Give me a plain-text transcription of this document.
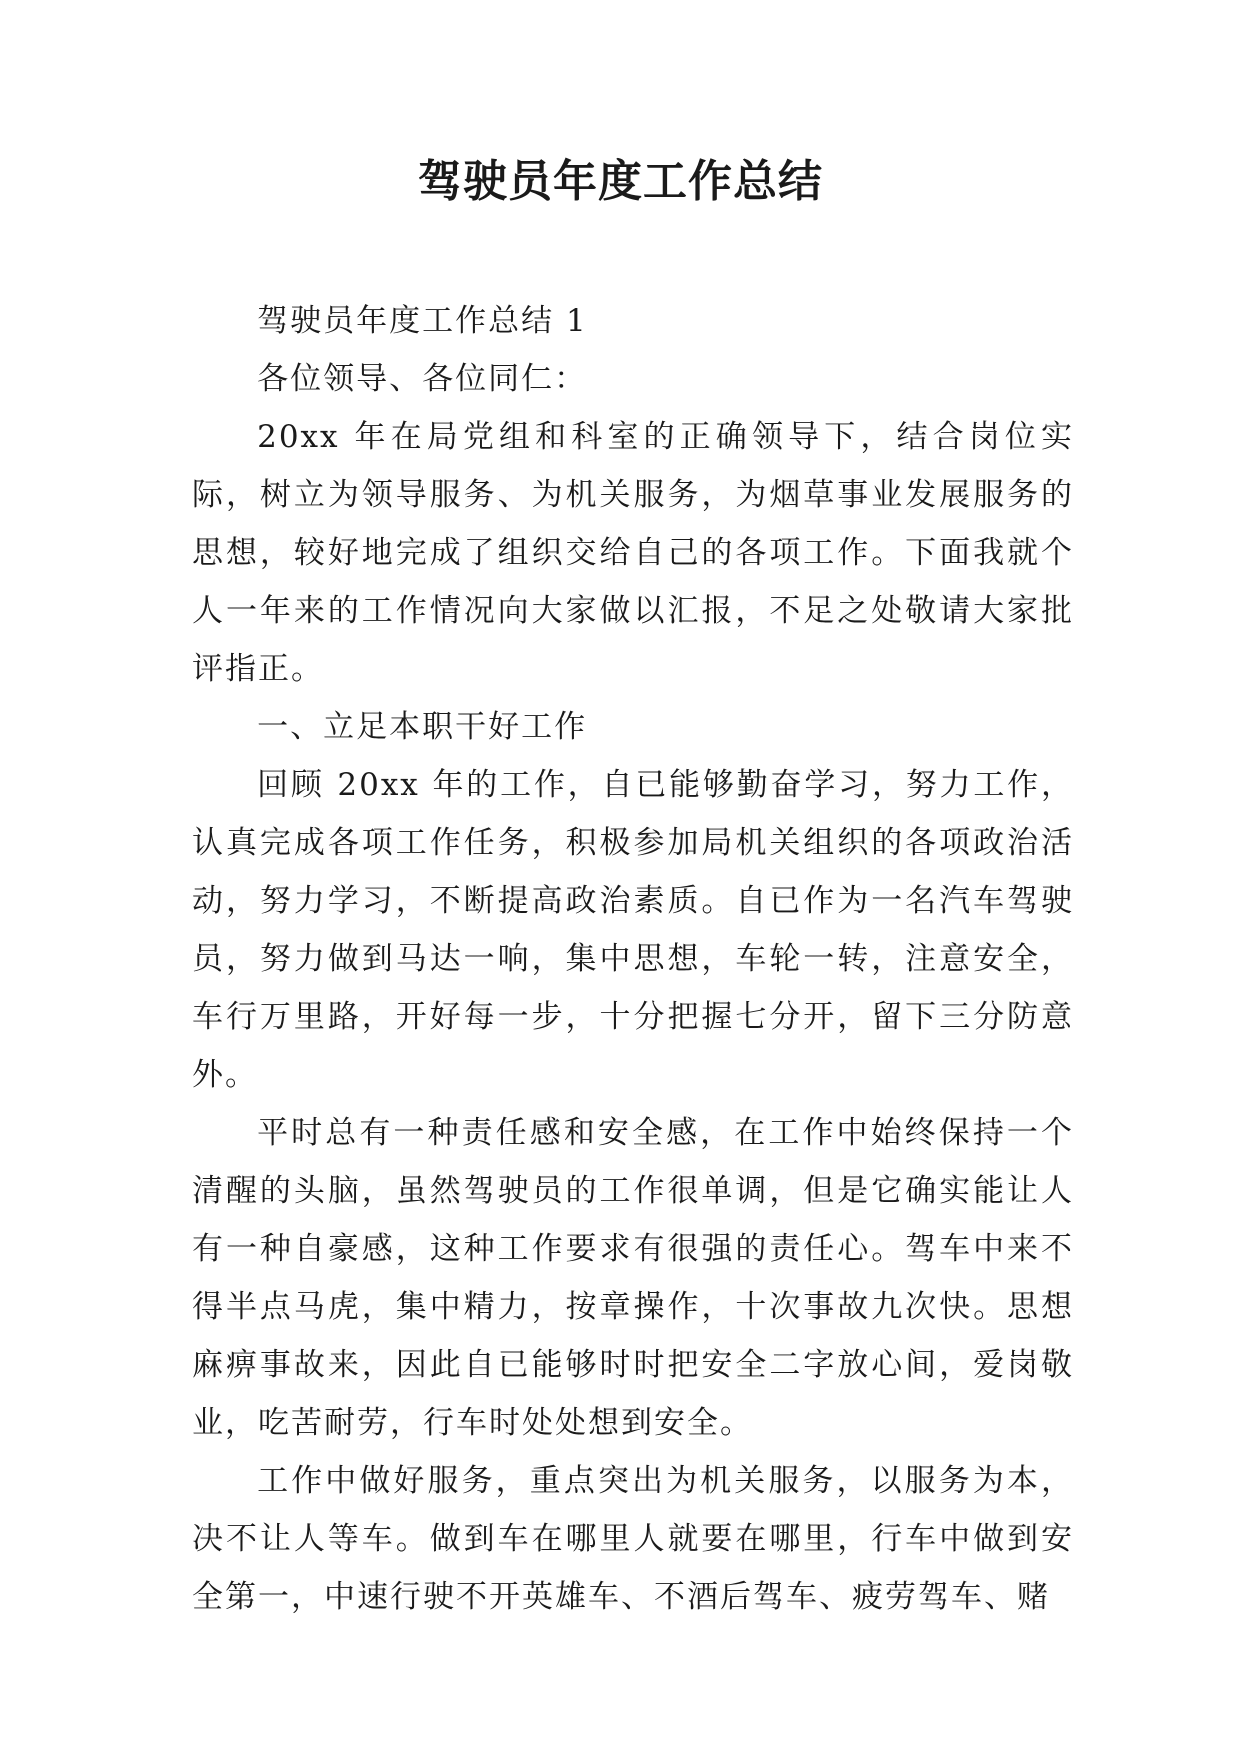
驾驶员年度工作总结

驾驶员年度工作总结 1

各位领导、各位同仁：

20xx 年在局党组和科室的正确领导下，结合岗位实际，树立为领导服务、为机关服务，为烟草事业发展服务的思想，较好地完成了组织交给自己的各项工作。下面我就个人一年来的工作情况向大家做以汇报，不足之处敬请大家批评指正。

一、立足本职干好工作

回顾 20xx 年的工作，自已能够勤奋学习，努力工作，认真完成各项工作任务，积极参加局机关组织的各项政治活动，努力学习，不断提高政治素质。自已作为一名汽车驾驶员，努力做到马达一响，集中思想，车轮一转，注意安全，车行万里路，开好每一步，十分把握七分开，留下三分防意外。

平时总有一种责任感和安全感，在工作中始终保持一个清醒的头脑，虽然驾驶员的工作很单调，但是它确实能让人有一种自豪感，这种工作要求有很强的责任心。驾车中来不得半点马虎，集中精力，按章操作，十次事故九次快。思想麻痹事故来，因此自已能够时时把安全二字放心间，爱岗敬业，吃苦耐劳，行车时处处想到安全。

工作中做好服务，重点突出为机关服务，以服务为本，决不让人等车。做到车在哪里人就要在哪里，行车中做到安全第一，中速行驶不开英雄车、不酒后驾车、疲劳驾车、赌
